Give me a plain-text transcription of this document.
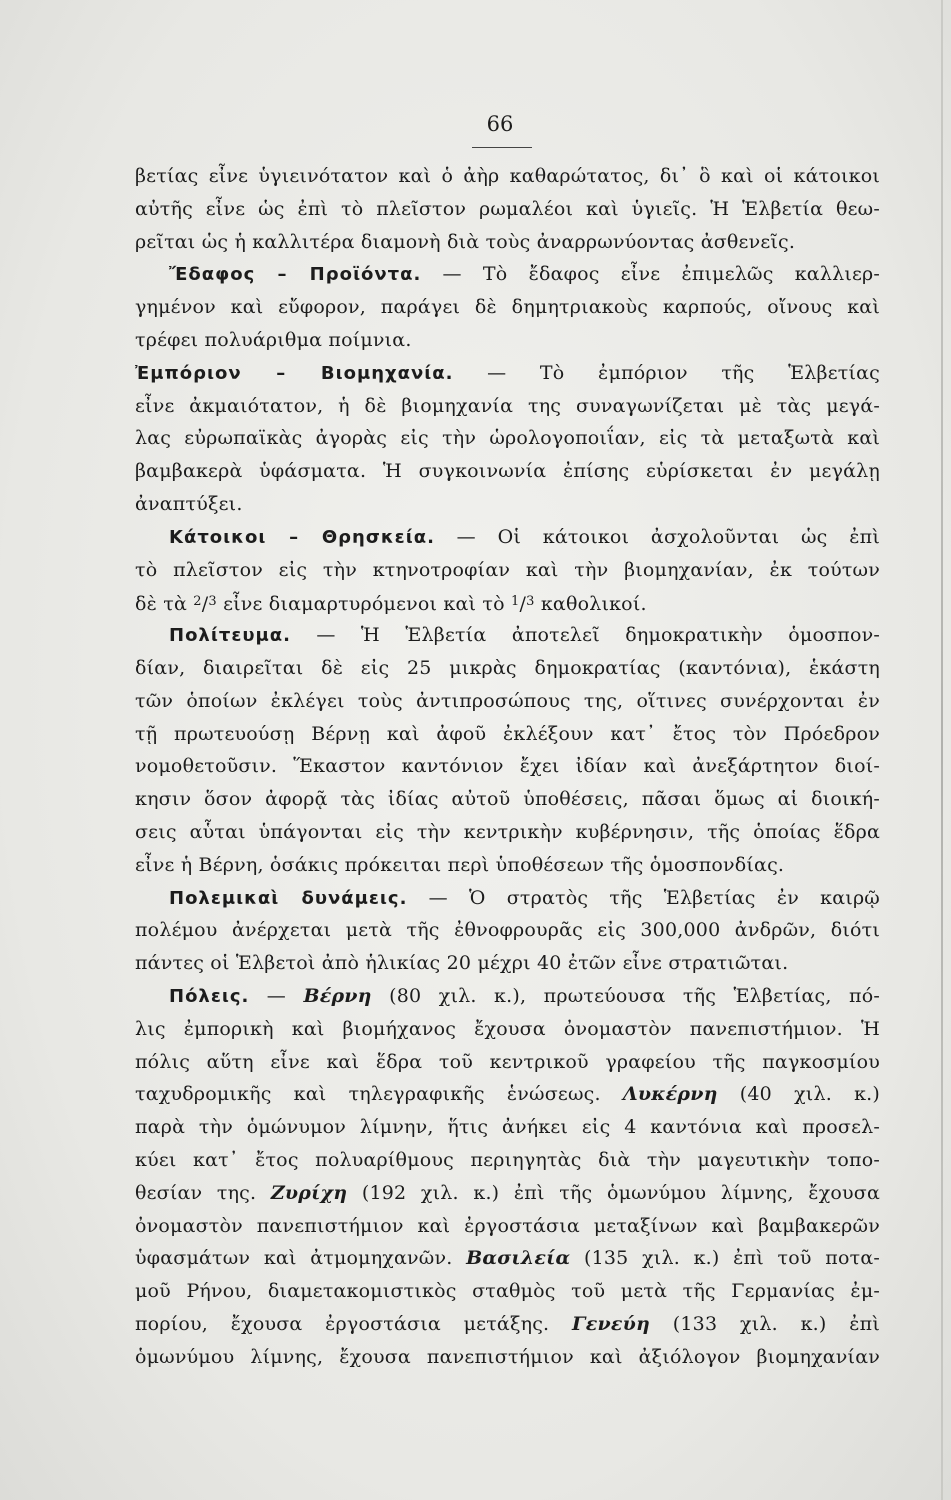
66
βετίας εἶνε ὑγιεινότατον καὶ ὁ ἀὴρ καθαρώτατος, δι᾽ ὃ καὶ οἱ κάτοικοι
αὐτῆς εἶνε ὡς ἐπὶ τὸ πλεῖστον ρωμαλέοι καὶ ὑγιεῖς. Ἡ Ἑλβετία θεω-
ρεῖται ὡς ἡ καλλιτέρα διαμονὴ διὰ τοὺς ἀναρρωνύοντας ἀσθενεῖς.
Ἔδαφος – Προϊόντα. — Τὸ ἔδαφος εἶνε ἐπιμελῶς καλλιερ-
γημένον καὶ εὔφορον, παράγει δὲ δημητριακοὺς καρπούς, οἴνους καὶ
τρέφει πολυάριθμα ποίμνια.
Ἐμπόριον – Βιομηχανία. — Τὸ ἐμπόριον τῆς Ἑλβετίας
εἶνε ἀκμαιότατον, ἡ δὲ βιομηχανία της συναγωνίζεται μὲ τὰς μεγά-
λας εὐρωπαϊκὰς ἀγορὰς εἰς τὴν ὡρολογοποιΐαν, εἰς τὰ μεταξωτὰ καὶ
βαμβακερὰ ὑφάσματα. Ἡ συγκοινωνία ἐπίσης εὑρίσκεται ἐν μεγάλῃ
ἀναπτύξει.
Κάτοικοι – Θρησκεία. — Οἱ κάτοικοι ἀσχολοῦνται ὡς ἐπὶ
τὸ πλεῖστον εἰς τὴν κτηνοτροφίαν καὶ τὴν βιομηχανίαν, ἐκ τούτων
δὲ τὰ $^2$/$^3$ εἶνε διαμαρτυρόμενοι καὶ τὸ $^1$/$^3$ καθολικοί.
Πολίτευμα. — Ἡ Ἑλβετία ἀποτελεῖ δημοκρατικὴν ὁμοσπον-
δίαν, διαιρεῖται δὲ εἰς 25 μικρὰς δημοκρατίας (καντόνια), ἑκάστη
τῶν ὁποίων ἐκλέγει τοὺς ἀντιπροσώπους της, οἵτινες συνέρχονται ἐν
τῇ πρωτευούσῃ Βέρνῃ καὶ ἀφοῦ ἐκλέξουν κατ᾽ ἔτος τὸν Πρόεδρον
νομοθετοῦσιν. Ἕκαστον καντόνιον ἔχει ἰδίαν καὶ ἀνεξάρτητον διοί-
κησιν ὅσον ἀφορᾷ τὰς ἰδίας αὐτοῦ ὑποθέσεις, πᾶσαι ὅμως αἱ διοική-
σεις αὗται ὑπάγονται εἰς τὴν κεντρικὴν κυβέρνησιν, τῆς ὁποίας ἕδρα
εἶνε ἡ Βέρνη, ὁσάκις πρόκειται περὶ ὑποθέσεων τῆς ὁμοσπονδίας.
Πολεμικαὶ δυνάμεις. — Ὁ στρατὸς τῆς Ἑλβετίας ἐν καιρῷ
πολέμου ἀνέρχεται μετὰ τῆς ἐθνοφρουρᾶς εἰς 300,000 ἀνδρῶν, διότι
πάντες οἱ Ἑλβετοὶ ἀπὸ ἡλικίας 20 μέχρι 40 ἐτῶν εἶνε στρατιῶται.
Πόλεις. — Βέρνη (80 χιλ. κ.), πρωτεύουσα τῆς Ἑλβετίας, πό-
λις ἐμπορικὴ καὶ βιομήχανος ἔχουσα ὀνομαστὸν πανεπιστήμιον. Ἡ
πόλις αὕτη εἶνε καὶ ἕδρα τοῦ κεντρικοῦ γραφείου τῆς παγκοσμίου
ταχυδρομικῆς καὶ τηλεγραφικῆς ἑνώσεως. Λυκέρνη (40 χιλ. κ.)
παρὰ τὴν ὁμώνυμον λίμνην, ἥτις ἀνήκει εἰς 4 καντόνια καὶ προσελ-
κύει κατ᾽ ἔτος πολυαρίθμους περιηγητὰς διὰ τὴν μαγευτικὴν τοπο-
θεσίαν της. Ζυρίχη (192 χιλ. κ.) ἐπὶ τῆς ὁμωνύμου λίμνης, ἔχουσα
ὀνομαστὸν πανεπιστήμιον καὶ ἐργοστάσια μεταξίνων καὶ βαμβακερῶν
ὑφασμάτων καὶ ἀτμομηχανῶν. Βασιλεία (135 χιλ. κ.) ἐπὶ τοῦ ποτα-
μοῦ Ρήνου, διαμετακομιστικὸς σταθμὸς τοῦ μετὰ τῆς Γερμανίας ἐμ-
πορίου, ἔχουσα ἐργοστάσια μετάξης. Γενεύη (133 χιλ. κ.) ἐπὶ
ὁμωνύμου λίμνης, ἔχουσα πανεπιστήμιον καὶ ἀξιόλογον βιομηχανίαν
